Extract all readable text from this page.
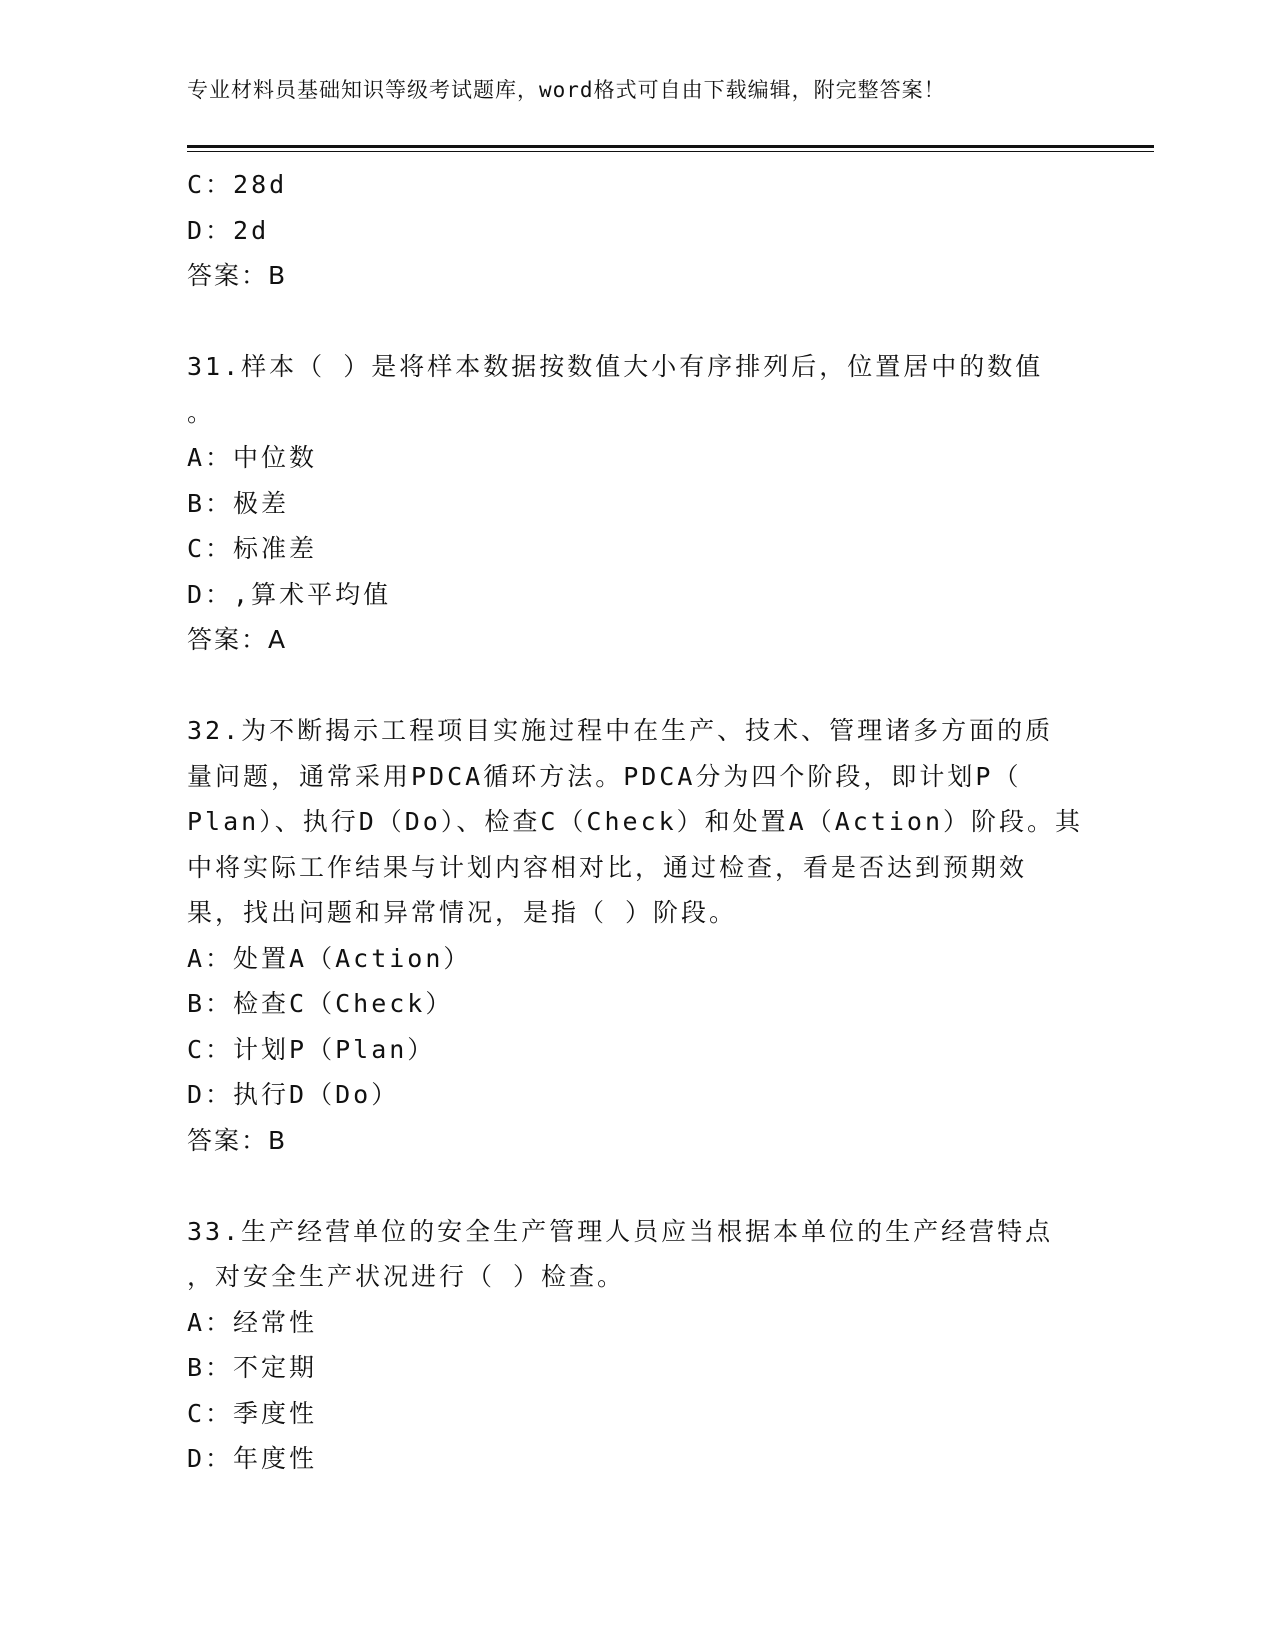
专业材料员基础知识等级考试题库，word格式可自由下载编辑，附完整答案！
C：28d
D：2d
答案：B
31.样本（ ）是将样本数据按数值大小有序排列后，位置居中的数值
。
A：中位数
B：极差
C：标准差
D：,算术平均值
答案：A
32.为不断揭示工程项目实施过程中在生产、技术、管理诸多方面的质
量问题，通常采用PDCA循环方法。PDCA分为四个阶段，即计划P（
Plan）、执行D（Do）、检查C（Check）和处置A（Action）阶段。其
中将实际工作结果与计划内容相对比，通过检查，看是否达到预期效
果，找出问题和异常情况，是指（ ）阶段。
A：处置A（Action）
B：检查C（Check）
C：计划P（Plan）
D：执行D（Do）
答案：B
33.生产经营单位的安全生产管理人员应当根据本单位的生产经营特点
，对安全生产状况进行（ ）检查。
A：经常性
B：不定期
C：季度性
D：年度性
